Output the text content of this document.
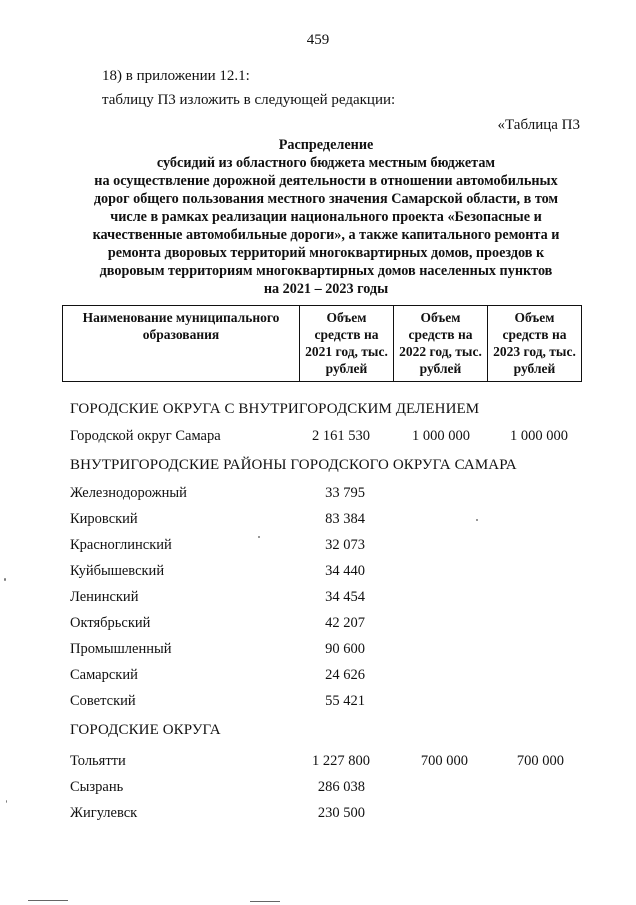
459
18) в приложении 12.1:
таблицу П3 изложить в следующей редакции:
«Таблица П3
Распределение
субсидий из областного бюджета местным бюджетам
на осуществление дорожной деятельности в отношении автомобильных
дорог общего пользования местного значения Самарской области, в том
числе в рамках реализации национального проекта «Безопасные и
качественные автомобильные дороги», а также капитального ремонта и
ремонта дворовых территорий многоквартирных домов, проездов к
дворовым территориям многоквартирных домов населенных пунктов
на 2021 – 2023 годы
Наименование муниципального образования	Объем средств на 2021 год, тыс. рублей	Объем средств на 2022 год, тыс. рублей	Объем средств на 2023 год, тыс. рублей
ГОРОДСКИЕ ОКРУГА С ВНУТРИГОРОДСКИМ ДЕЛЕНИЕМ
Городской округ Самара	2 161 530	1 000 000	1 000 000
ВНУТРИГОРОДСКИЕ РАЙОНЫ ГОРОДСКОГО ОКРУГА САМАРА
Железнодорожный	33 795
Кировский	83 384
Красноглинский	32 073
Куйбышевский	34 440
Ленинский	34 454
Октябрьский	42 207
Промышленный	90 600
Самарский	24 626
Советский	55 421
ГОРОДСКИЕ ОКРУГА
Тольятти	1 227 800	700 000	700 000
Сызрань	286 038
Жигулевск	230 500
